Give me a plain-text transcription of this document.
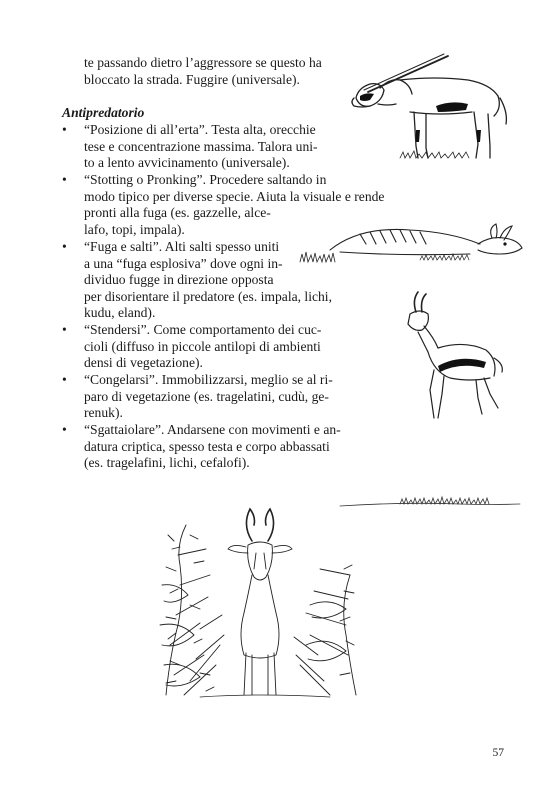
te passando dietro l’aggressore se questo ha
bloccato la strada. Fuggire (universale).
Antipredatorio
• “Posizione di all’erta”. Testa alta, orecchie
tese e concentrazione massima. Talora uni-
to a lento avvicinamento (universale).
• “Stotting o Pronking”. Procedere saltando in
modo tipico per diverse specie. Aiuta la visuale e rende
pronti alla fuga (es. gazzelle, alce-
lafo, topi, impala).
• “Fuga e salti”. Alti salti spesso uniti
a una “fuga esplosiva” dove ogni in-
dividuo fugge in direzione opposta
per disorientare il predatore (es. impala, lichi,
kudu, eland).
• “Stendersi”. Come comportamento dei cuc-
cioli (diffuso in piccole antilopi di ambienti
densi di vegetazione).
• “Congelarsi”. Immobilizzarsi, meglio se al ri-
paro di vegetazione (es. tragelatini, cudù, ge-
renuk).
• “Sgattaiolare”. Andarsene con movimenti e an-
datura criptica, spesso testa e corpo abbassati
(es. tragelafini, lichi, cefalofi).
57
